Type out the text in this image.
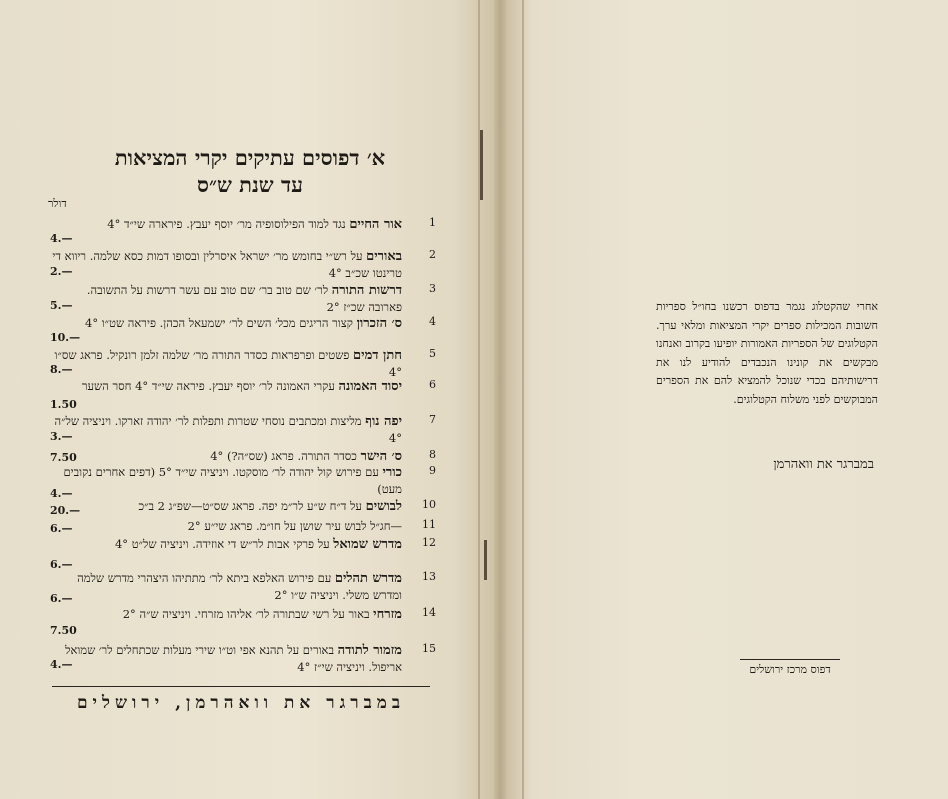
א׳ דפוסים עתיקים יקרי המציאות
עד שנת ש״ס
דולר
1
אור החיים נגד למוד הפילוסופיה מר׳ יוסף יעבץ. פירארה שי״ד 4°
4.—
2
באורים על רש״י בחומש מר׳ ישראל איסרלין ובסופו דמות כסא שלמה. ריווא די טרינטו שכ״ב 4°
2.—
3
דרשות התורה לר׳ שם טוב בר׳ שם טוב עם עשר דרשות על התשובה. פארובה שכ״ז 2°
5.—
4
ס׳ הזכרון קצור הריגים מכל׳ השים לר׳ ישמעאל הכהן. פיראה שט״ו 4°
10.—
5
חתן דמים פשטים ופרפראות כסדר התורה מר׳ שלמה זלמן רונקיל. פראג שס״ו 4°
8.—
6
יסוד האמונה עקרי האמונה לר׳ יוסף יעבץ. פיראה שי״ד 4° חסר השער
1.50
7
יפה נוף מליצות ומכתבים נוסחי שטרות ותפלות לר׳ יהודה זארקו. ויניציה של״ה 4°
3.—
8
ס׳ הישר כסדר התורה. פראג (שס״ה?) 4°
7.50
9
כורי עם פירוש קול יהודה לר׳ מוסקטו. ויניציה שי״ד 5° (דפים אחרים נקובים מעט)
4.—
10
לבושים על ד״ח ש״ע לר״מ יפה. פראג שס״ט—שפ״ג 2 ב״כ
20.—
11
—חג״ל לבוש עיר שושן על חו״מ. פראג שי״ע 2°
6.—
12
מדרש שמואל על פרקי אבות לר״ש די אוזידה. ויניציה של״ט 4°
6.—
13
מדרש תהלים עם פירוש האלפא ביתא לר׳ מתתיהו היצהרי מדרש שלמה ומדרש משלי. ויניציה ש״ו 2°
6.—
14
מזרחי באור על רשי שבתורה לר׳ אליהו מזרחי. ויניציה ש״ה 2°
7.50
15
מזמור לתודה באורים על תהנא אפי וט״ו שירי מעלות שכתחלים לר׳ שמואל אריפול. ויניציה שי״ז 4°
4.—
במברגר את וואהרמן, ירושלים
אחרי שהקטלוג נגמר בדפוס רכשנו בחו״ל ספריות חשובות המכילות ספרים יקרי המציאות ומלאי ערך. הקטלוגים של הספריות האמורות יופיעו בקרוב ואנחנו מבקשים את קונינו הנכבדים להודיע לנו את דרישותיהם בכדי שנוכל להמציא להם את הספרים המבוקשים לפני משלוח הקטלוגים.
במברגר את וואהרמן
דפוס מרכז ירושלים
